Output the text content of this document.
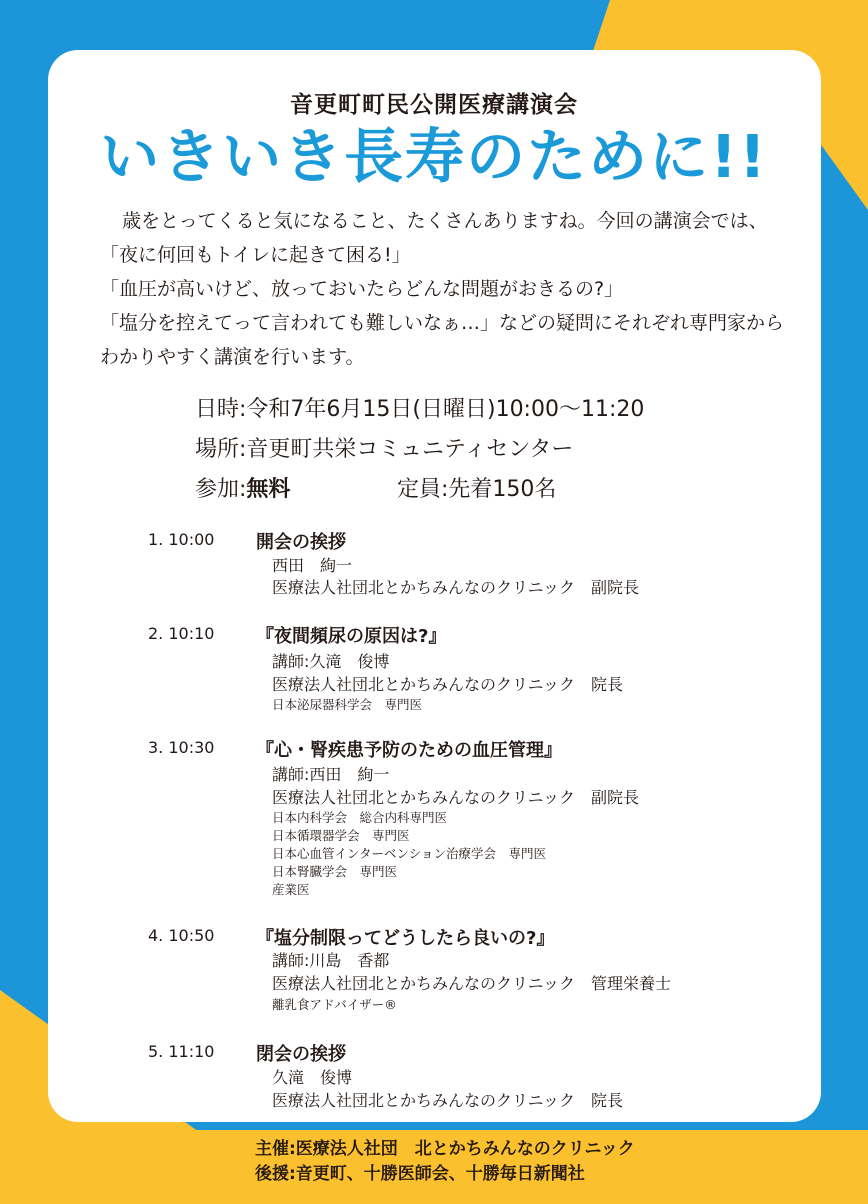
音更町町民公開医療講演会
いきいき長寿のために!!

歳をとってくると気になること、たくさんありますね。今回の講演会では、

「夜に何回もトイレに起きて困る!」

「血圧が高いけど、放っておいたらどんな問題がおきるの?」

「塩分を控えてって言われても難しいなぁ…」などの疑問にそれぞれ専門家から

わかりやすく講演を行います。

日時:令和7年6月15日(日曜日)10:00〜11:20
場所:音更町共栄コミュニティセンター
参加:無料	定員:先着150名
1. 10:00 開会の挨拶
西田　絢一
医療法人社団北とかちみんなのクリニック　副院長
2. 10:10 『夜間頻尿の原因は?』
講師:久滝　俊博
医療法人社団北とかちみんなのクリニック　院長
日本泌尿器科学会　専門医
3. 10:30 『心・腎疾患予防のための血圧管理』
講師:西田　絢一
医療法人社団北とかちみんなのクリニック　副院長
日本内科学会　総合内科専門医
日本循環器学会　専門医
日本心血管インターベンション治療学会　専門医
日本腎臓学会　専門医
産業医
4. 10:50 『塩分制限ってどうしたら良いの?』
講師:川島　香都
医療法人社団北とかちみんなのクリニック　管理栄養士
離乳食アドバイザー®
5. 11:10 閉会の挨拶
久滝　俊博
医療法人社団北とかちみんなのクリニック　院長
主催:医療法人社団　北とかちみんなのクリニック
後援:音更町、十勝医師会、十勝毎日新聞社
